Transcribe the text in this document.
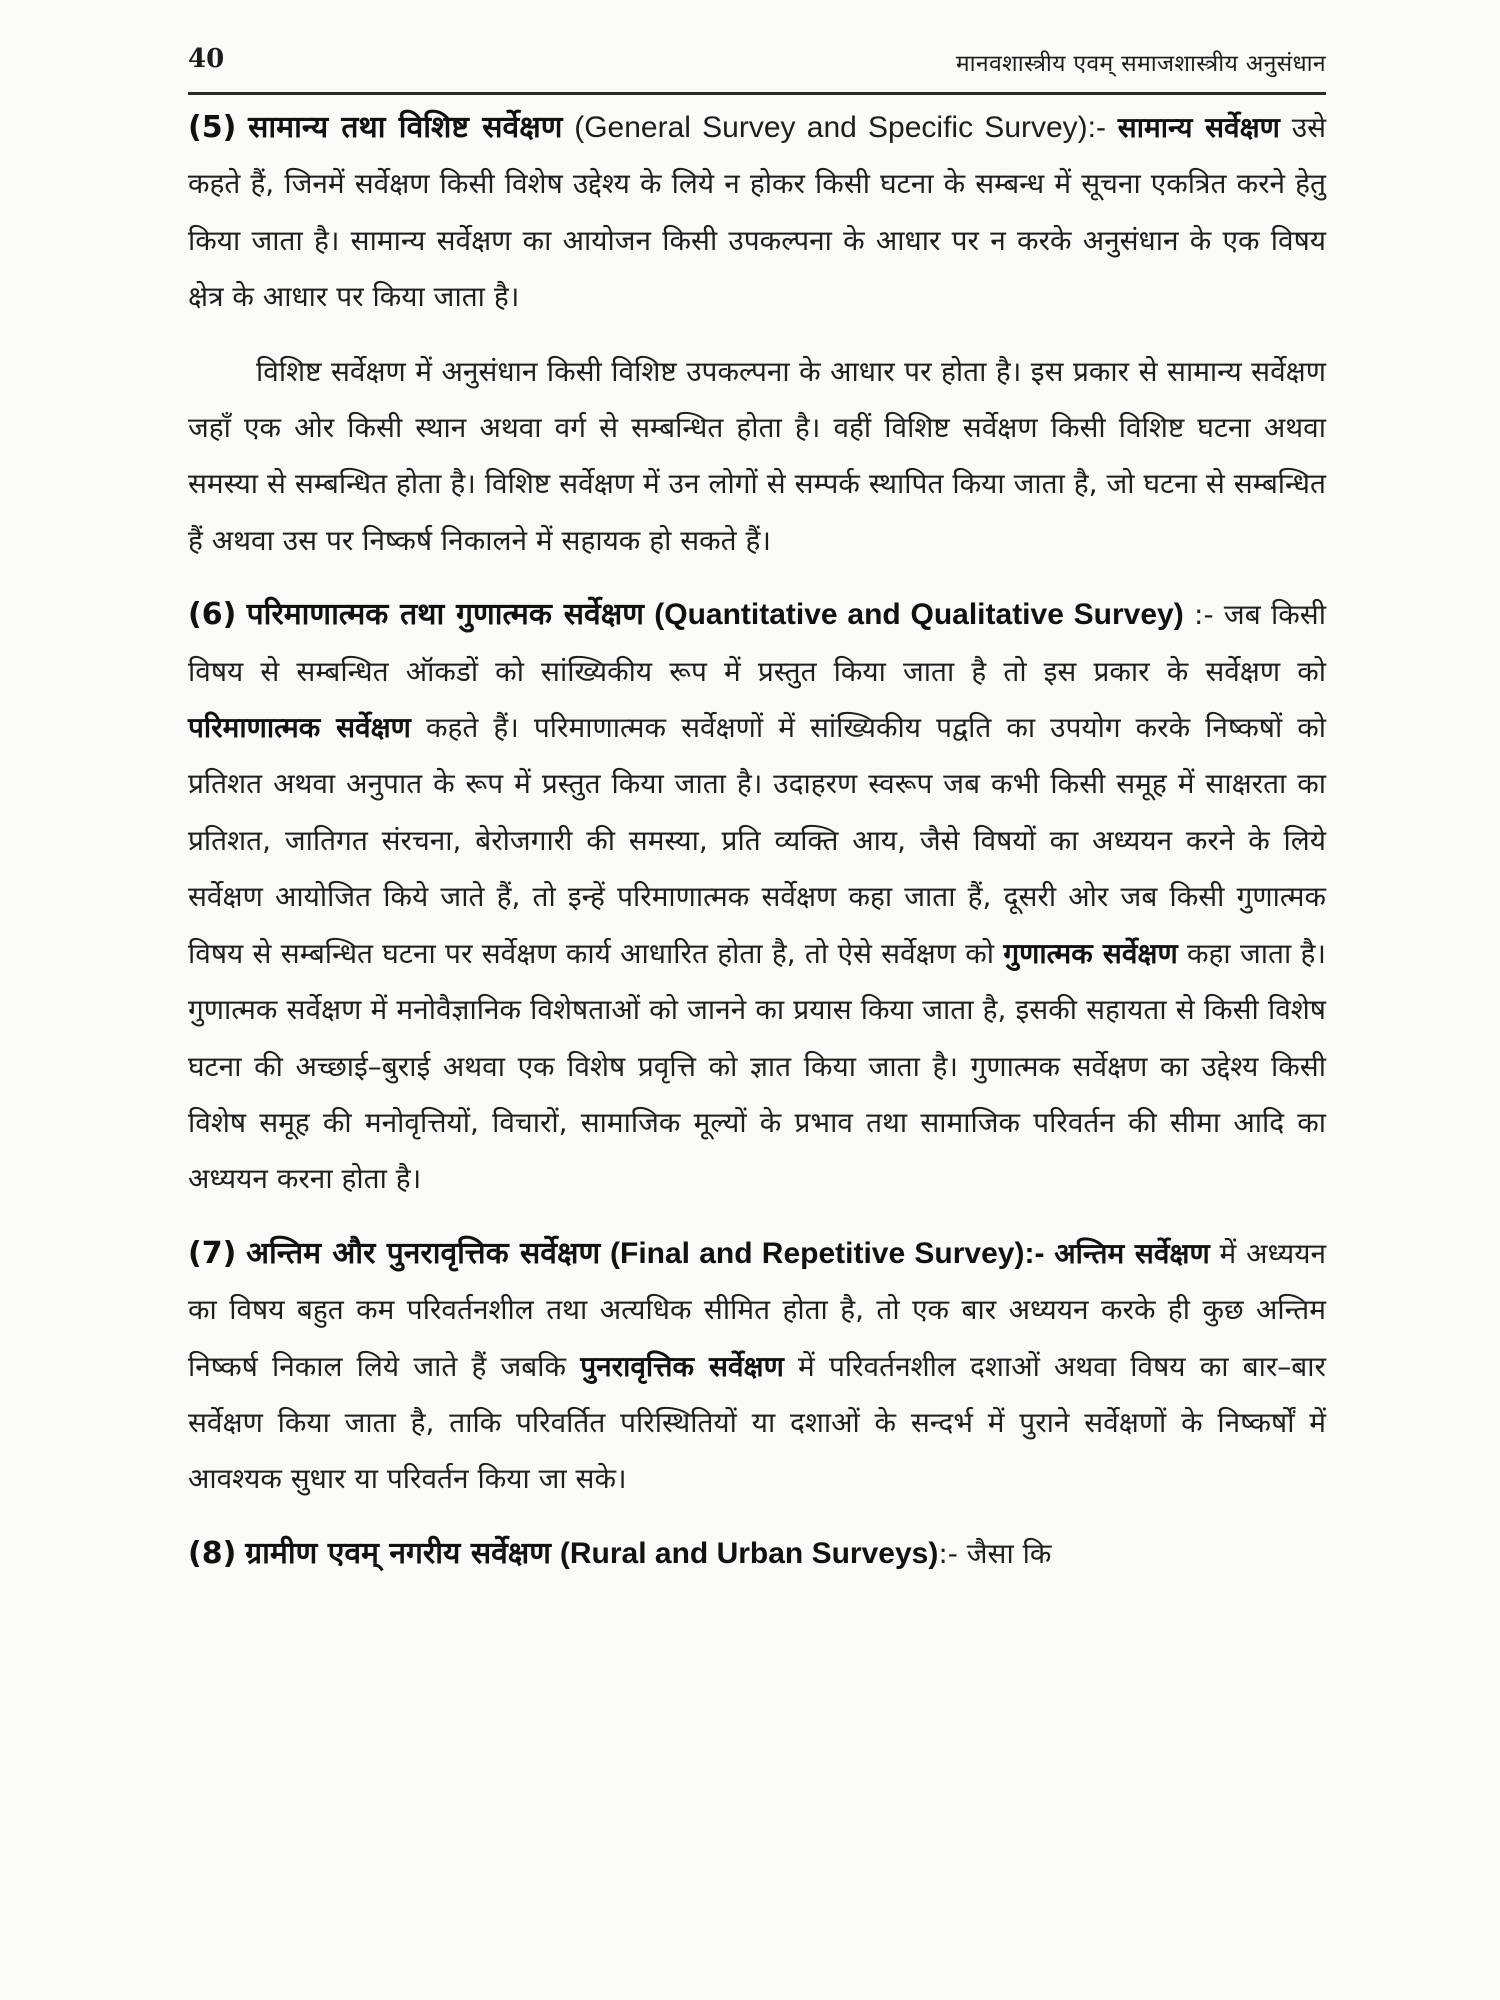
40	मानवशास्त्रीय एवम् समाजशास्त्रीय अनुसंधान

(5) सामान्य तथा विशिष्ट सर्वेक्षण (General Survey and Specific Survey):- सामान्य सर्वेक्षण उसे कहते हैं, जिनमें सर्वेक्षण किसी विशेष उद्देश्य के लिये न होकर किसी घटना के सम्बन्ध में सूचना एकत्रित करने हेतु किया जाता है। सामान्य सर्वेक्षण का आयोजन किसी उपकल्पना के आधार पर न करके अनुसंधान के एक विषय क्षेत्र के आधार पर किया जाता है।

विशिष्ट सर्वेक्षण में अनुसंधान किसी विशिष्ट उपकल्पना के आधार पर होता है। इस प्रकार से सामान्य सर्वेक्षण जहॉं एक ओर किसी स्थान अथवा वर्ग से सम्बन्धित होता है। वहीं विशिष्ट सर्वेक्षण किसी विशिष्ट घटना अथवा समस्या से सम्बन्धित होता है। विशिष्ट सर्वेक्षण में उन लोगों से सम्पर्क स्थापित किया जाता है, जो घटना से सम्बन्धित हैं अथवा उस पर निष्कर्ष निकालने में सहायक हो सकते हैं।

(6) परिमाणात्मक तथा गुणात्मक सर्वेक्षण (Quantitative and Qualitative Survey) :- जब किसी विषय से सम्बन्धित ऑकडों को सांख्यिकीय रूप में प्रस्तुत किया जाता है तो इस प्रकार के सर्वेक्षण को परिमाणात्मक सर्वेक्षण कहते हैं। परिमाणात्मक सर्वेक्षणों में सांख्यिकीय पद्वति का उपयोग करके निष्कषों को प्रतिशत अथवा अनुपात के रूप में प्रस्तुत किया जाता है। उदाहरण स्वरूप जब कभी किसी समूह में साक्षरता का प्रतिशत, जातिगत संरचना, बेरोजगारी की समस्या, प्रति व्यक्ति आय, जैसे विषयों का अध्ययन करने के लिये सर्वेक्षण आयोजित किये जाते हैं, तो इन्हें परिमाणात्मक सर्वेक्षण कहा जाता हैं, दूसरी ओर जब किसी गुणात्मक विषय से सम्बन्धित घटना पर सर्वेक्षण कार्य आधारित होता है, तो ऐसे सर्वेक्षण को गुणात्मक सर्वेक्षण कहा जाता है। गुणात्मक सर्वेक्षण में मनोवैज्ञानिक विशेषताओं को जानने का प्रयास किया जाता है, इसकी सहायता से किसी विशेष घटना की अच्छाई–बुराई अथवा एक विशेष प्रवृत्ति को ज्ञात किया जाता है। गुणात्मक सर्वेक्षण का उद्देश्य किसी विशेष समूह की मनोवृत्तियों, विचारों, सामाजिक मूल्यों के प्रभाव तथा सामाजिक परिवर्तन की सीमा आदि का अध्ययन करना होता है।

(7) अन्तिम और पुनरावृत्तिक सर्वेक्षण (Final and Repetitive Survey):- अन्तिम सर्वेक्षण में अध्ययन का विषय बहुत कम परिवर्तनशील तथा अत्यधिक सीमित होता है, तो एक बार अध्ययन करके ही कुछ अन्तिम निष्कर्ष निकाल लिये जाते हैं जबकि पुनरावृत्तिक सर्वेक्षण में परिवर्तनशील दशाओं अथवा विषय का बार–बार सर्वेक्षण किया जाता है, ताकि परिवर्तित परिस्थितियों या दशाओं के सन्दर्भ में पुराने सर्वेक्षणों के निष्कर्षों में आवश्यक सुधार या परिवर्तन किया जा सके।

(8) ग्रामीण एवम् नगरीय सर्वेक्षण (Rural and Urban Surveys):- जैसा कि
